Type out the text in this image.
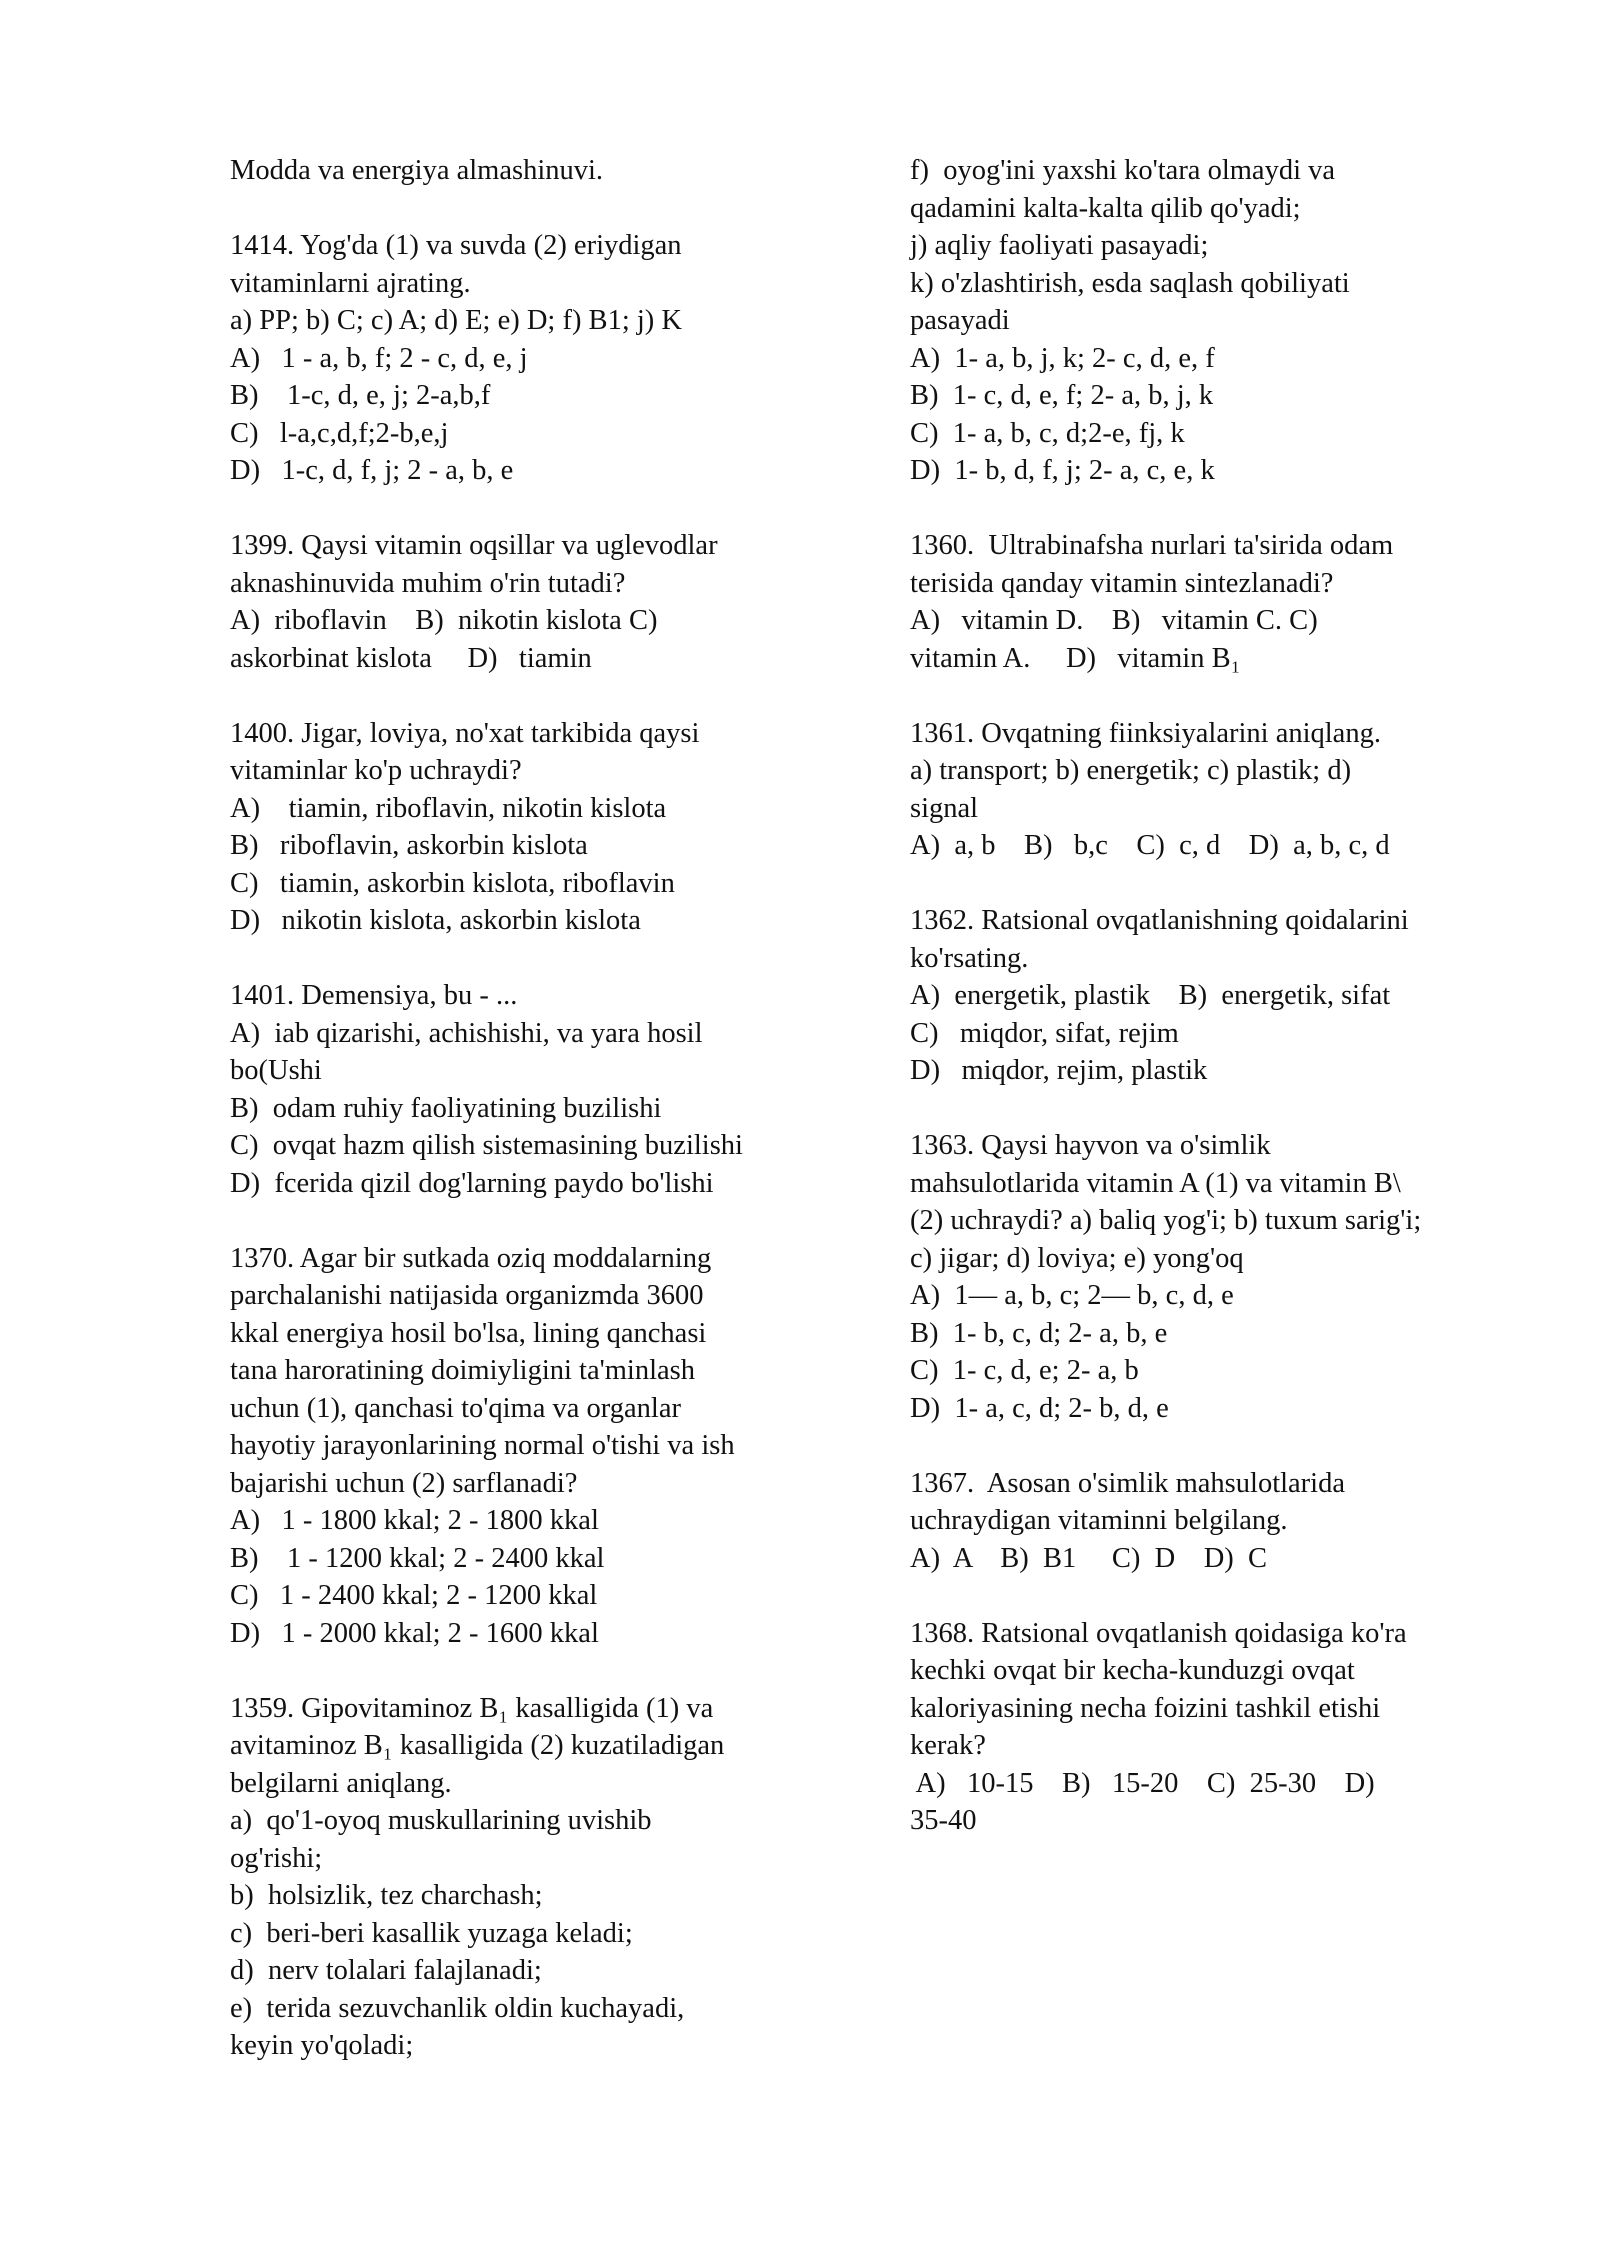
Modda va energiya almashinuvi.
1414. Yog'da (1) va suvda (2) eriydigan
vitaminlarni ajrating.
a) PP; b) C; c) A; d) E; e) D; f) B1; j) K
A)   1 - a, b, f; 2 - c, d, e, j
B)    1-c, d, e, j; 2-a,b,f
C)   l-a,c,d,f;2-b,e,j
D)   1-c, d, f, j; 2 - a, b, e
1399. Qaysi vitamin oqsillar va uglevodlar
aknashinuvida muhim o'rin tutadi?
A)  riboflavin    B)  nikotin kislota C)
askorbinat kislota     D)   tiamin
1400. Jigar, loviya, no'xat tarkibida qaysi
vitaminlar ko'p uchraydi?
A)    tiamin, riboflavin, nikotin kislota
B)   riboflavin, askorbin kislota
C)   tiamin, askorbin kislota, riboflavin
D)   nikotin kislota, askorbin kislota
1401. Demensiya, bu - ...
A)  iab qizarishi, achishishi, va yara hosil
bo(Ushi
B)  odam ruhiy faoliyatining buzilishi
C)  ovqat hazm qilish sistemasining buzilishi
D)  fcerida qizil dog'larning paydo bo'lishi
1370. Agar bir sutkada oziq moddalarning
parchalanishi natijasida organizmda 3600
kkal energiya hosil bo'lsa, lining qanchasi
tana haroratining doimiyligini ta'minlash
uchun (1), qanchasi to'qima va organlar
hayotiy jarayonlarining normal o'tishi va ish
bajarishi uchun (2) sarflanadi?
A)   1 - 1800 kkal; 2 - 1800 kkal
B)    1 - 1200 kkal; 2 - 2400 kkal
C)   1 - 2400 kkal; 2 - 1200 kkal
D)   1 - 2000 kkal; 2 - 1600 kkal
1359. Gipovitaminoz B₁ kasalligida (1) va
avitaminoz B₁ kasalligida (2) kuzatiladigan
belgilarni aniqlang.
a)  qo'1-oyoq muskullarining uvishib
og'rishi;
b)  holsizlik, tez charchash;
c)  beri-beri kasallik yuzaga keladi;
d)  nerv tolalari falajlanadi;
e)  terida sezuvchanlik oldin kuchayadi,
keyin yo'qoladi;
f)  oyog'ini yaxshi ko'tara olmaydi va
qadamini kalta-kalta qilib qo'yadi;
j) aqliy faoliyati pasayadi;
k) o'zlashtirish, esda saqlash qobiliyati
pasayadi
A)  1- a, b, j, k; 2- c, d, e, f
B)  1- c, d, e, f; 2- a, b, j, k
C)  1- a, b, c, d;2-e, fj, k
D)  1- b, d, f, j; 2- a, c, e, k
1360.  Ultrabinafsha nurlari ta'sirida odam
terisida qanday vitamin sintezlanadi?
A)   vitamin D.    B)   vitamin C. C)
vitamin A.     D)   vitamin B₁
1361. Ovqatning fiinksiyalarini aniqlang.
a) transport; b) energetik; c) plastik; d)
signal
A)  a, b    B)   b,c    C)  c, d    D)  a, b, c, d
1362. Ratsional ovqatlanishning qoidalarini
ko'rsating.
A)  energetik, plastik    B)  energetik, sifat
C)   miqdor, sifat, rejim
D)   miqdor, rejim, plastik
1363. Qaysi hayvon va o'simlik
mahsulotlarida vitamin A (1) va vitamin B\
(2) uchraydi? a) baliq yog'i; b) tuxum sarig'i;
c) jigar; d) loviya; e) yong'oq
A)  1— a, b, c; 2— b, c, d, e
B)  1- b, c, d; 2- a, b, e
C)  1- c, d, e; 2- a, b
D)  1- a, c, d; 2- b, d, e
1367.  Asosan o'simlik mahsulotlarida
uchraydigan vitaminni belgilang.
A)  A    B)  B1     C)  D    D)  C
1368. Ratsional ovqatlanish qoidasiga ko'ra
kechki ovqat bir kecha-kunduzgi ovqat
kaloriyasining necha foizini tashkil etishi
kerak?
A)   10-15    B)   15-20    C)  25-30    D)
35-40
